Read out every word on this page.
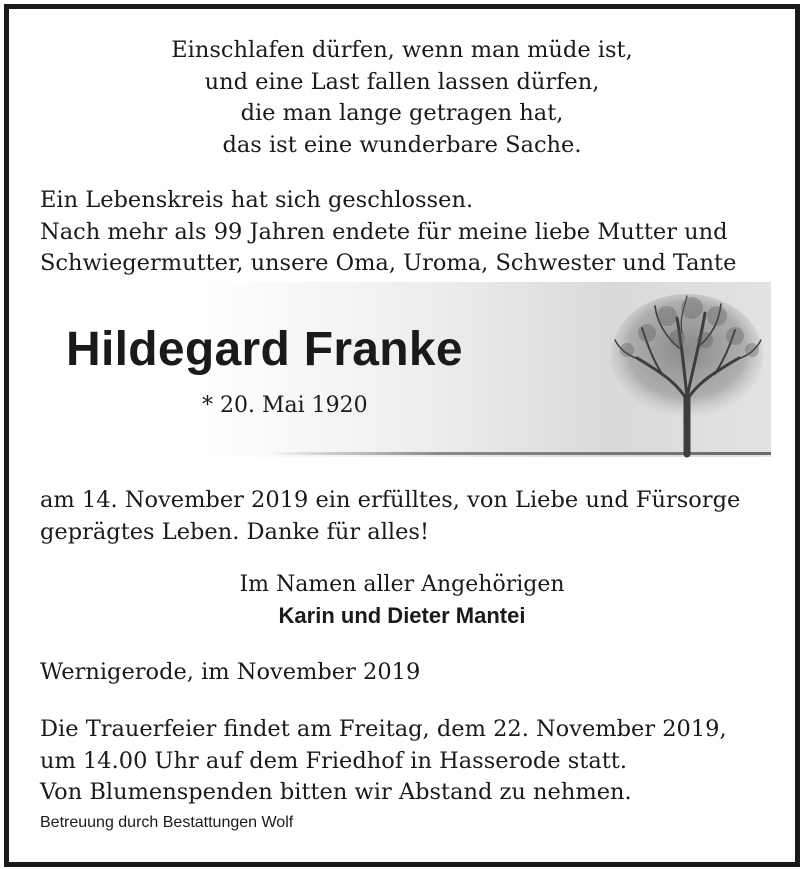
Einschlafen dürfen, wenn man müde ist,
und eine Last fallen lassen dürfen,
die man lange getragen hat,
das ist eine wunderbare Sache.
Ein Lebenskreis hat sich geschlossen.
Nach mehr als 99 Jahren endete für meine liebe Mutter und
Schwiegermutter, unsere Oma, Uroma, Schwester und Tante
Hildegard Franke
* 20. Mai 1920
am 14. November 2019 ein erfülltes, von Liebe und Fürsorge
geprägtes Leben. Danke für alles!
Im Namen aller Angehörigen
Karin und Dieter Mantei
Wernigerode, im November 2019
Die Trauerfeier findet am Freitag, dem 22. November 2019,
um 14.00 Uhr auf dem Friedhof in Hasserode statt.
Von Blumenspenden bitten wir Abstand zu nehmen.
Betreuung durch Bestattungen Wolf
